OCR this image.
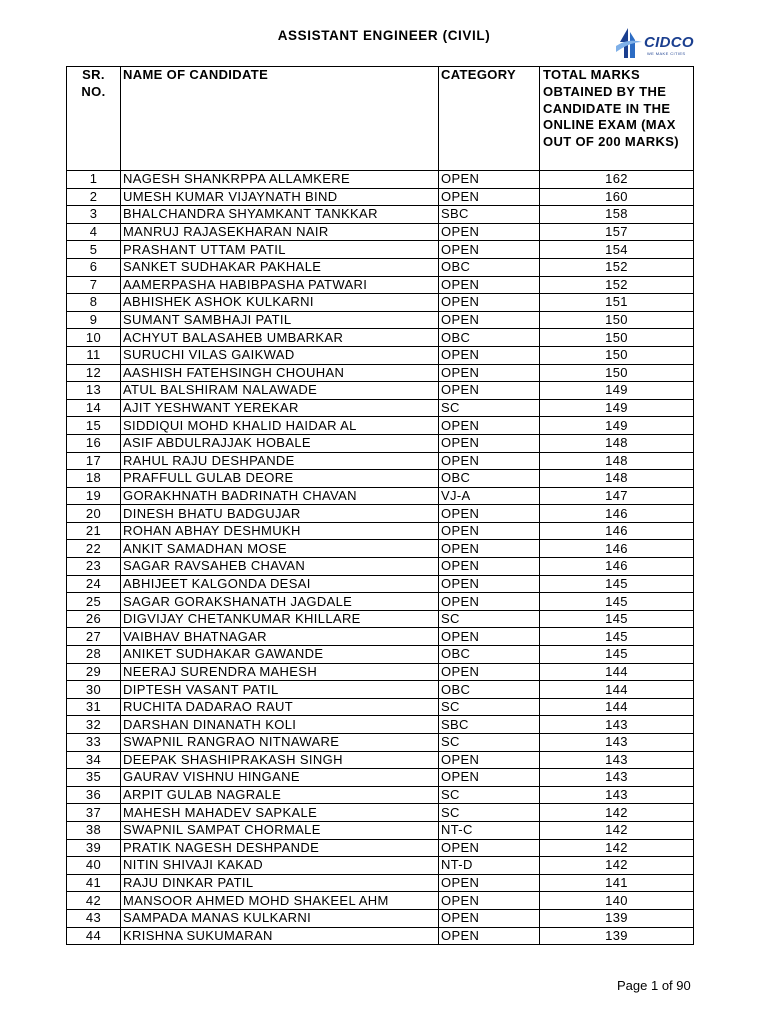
ASSISTANT ENGINEER (CIVIL)	CIDCO
WE MAKE CITIES
SR. NO.	NAME OF CANDIDATE	CATEGORY	TOTAL MARKS OBTAINED BY THE CANDIDATE IN THE ONLINE EXAM (MAX OUT OF 200 MARKS)
1	NAGESH SHANKRPPA ALLAMKERE	OPEN	162
2	UMESH KUMAR VIJAYNATH BIND	OPEN	160
3	BHALCHANDRA SHYAMKANT TANKKAR	SBC	158
4	MANRUJ RAJASEKHARAN NAIR	OPEN	157
5	PRASHANT UTTAM PATIL	OPEN	154
6	SANKET SUDHAKAR PAKHALE	OBC	152
7	AAMERPASHA HABIBPASHA PATWARI	OPEN	152
8	ABHISHEK ASHOK KULKARNI	OPEN	151
9	SUMANT SAMBHAJI PATIL	OPEN	150
10	ACHYUT BALASAHEB UMBARKAR	OBC	150
11	SURUCHI VILAS GAIKWAD	OPEN	150
12	AASHISH FATEHSINGH CHOUHAN	OPEN	150
13	ATUL BALSHIRAM NALAWADE	OPEN	149
14	AJIT YESHWANT YEREKAR	SC	149
15	SIDDIQUI MOHD KHALID HAIDAR AL	OPEN	149
16	ASIF ABDULRAJJAK HOBALE	OPEN	148
17	RAHUL RAJU DESHPANDE	OPEN	148
18	PRAFFULL GULAB DEORE	OBC	148
19	GORAKHNATH BADRINATH CHAVAN	VJ-A	147
20	DINESH BHATU BADGUJAR	OPEN	146
21	ROHAN ABHAY DESHMUKH	OPEN	146
22	ANKIT SAMADHAN MOSE	OPEN	146
23	SAGAR RAVSAHEB CHAVAN	OPEN	146
24	ABHIJEET KALGONDA DESAI	OPEN	145
25	SAGAR GORAKSHANATH JAGDALE	OPEN	145
26	DIGVIJAY CHETANKUMAR KHILLARE	SC	145
27	VAIBHAV BHATNAGAR	OPEN	145
28	ANIKET SUDHAKAR GAWANDE	OBC	145
29	NEERAJ SURENDRA MAHESH	OPEN	144
30	DIPTESH VASANT PATIL	OBC	144
31	RUCHITA DADARAO RAUT	SC	144
32	DARSHAN DINANATH KOLI	SBC	143
33	SWAPNIL RANGRAO NITNAWARE	SC	143
34	DEEPAK SHASHIPRAKASH SINGH	OPEN	143
35	GAURAV VISHNU HINGANE	OPEN	143
36	ARPIT GULAB NAGRALE	SC	143
37	MAHESH MAHADEV SAPKALE	SC	142
38	SWAPNIL SAMPAT CHORMALE	NT-C	142
39	PRATIK NAGESH DESHPANDE	OPEN	142
40	NITIN SHIVAJI KAKAD	NT-D	142
41	RAJU DINKAR PATIL	OPEN	141
42	MANSOOR AHMED MOHD SHAKEEL AHM	OPEN	140
43	SAMPADA MANAS KULKARNI	OPEN	139
44	KRISHNA SUKUMARAN	OPEN	139
Page 1 of 90
